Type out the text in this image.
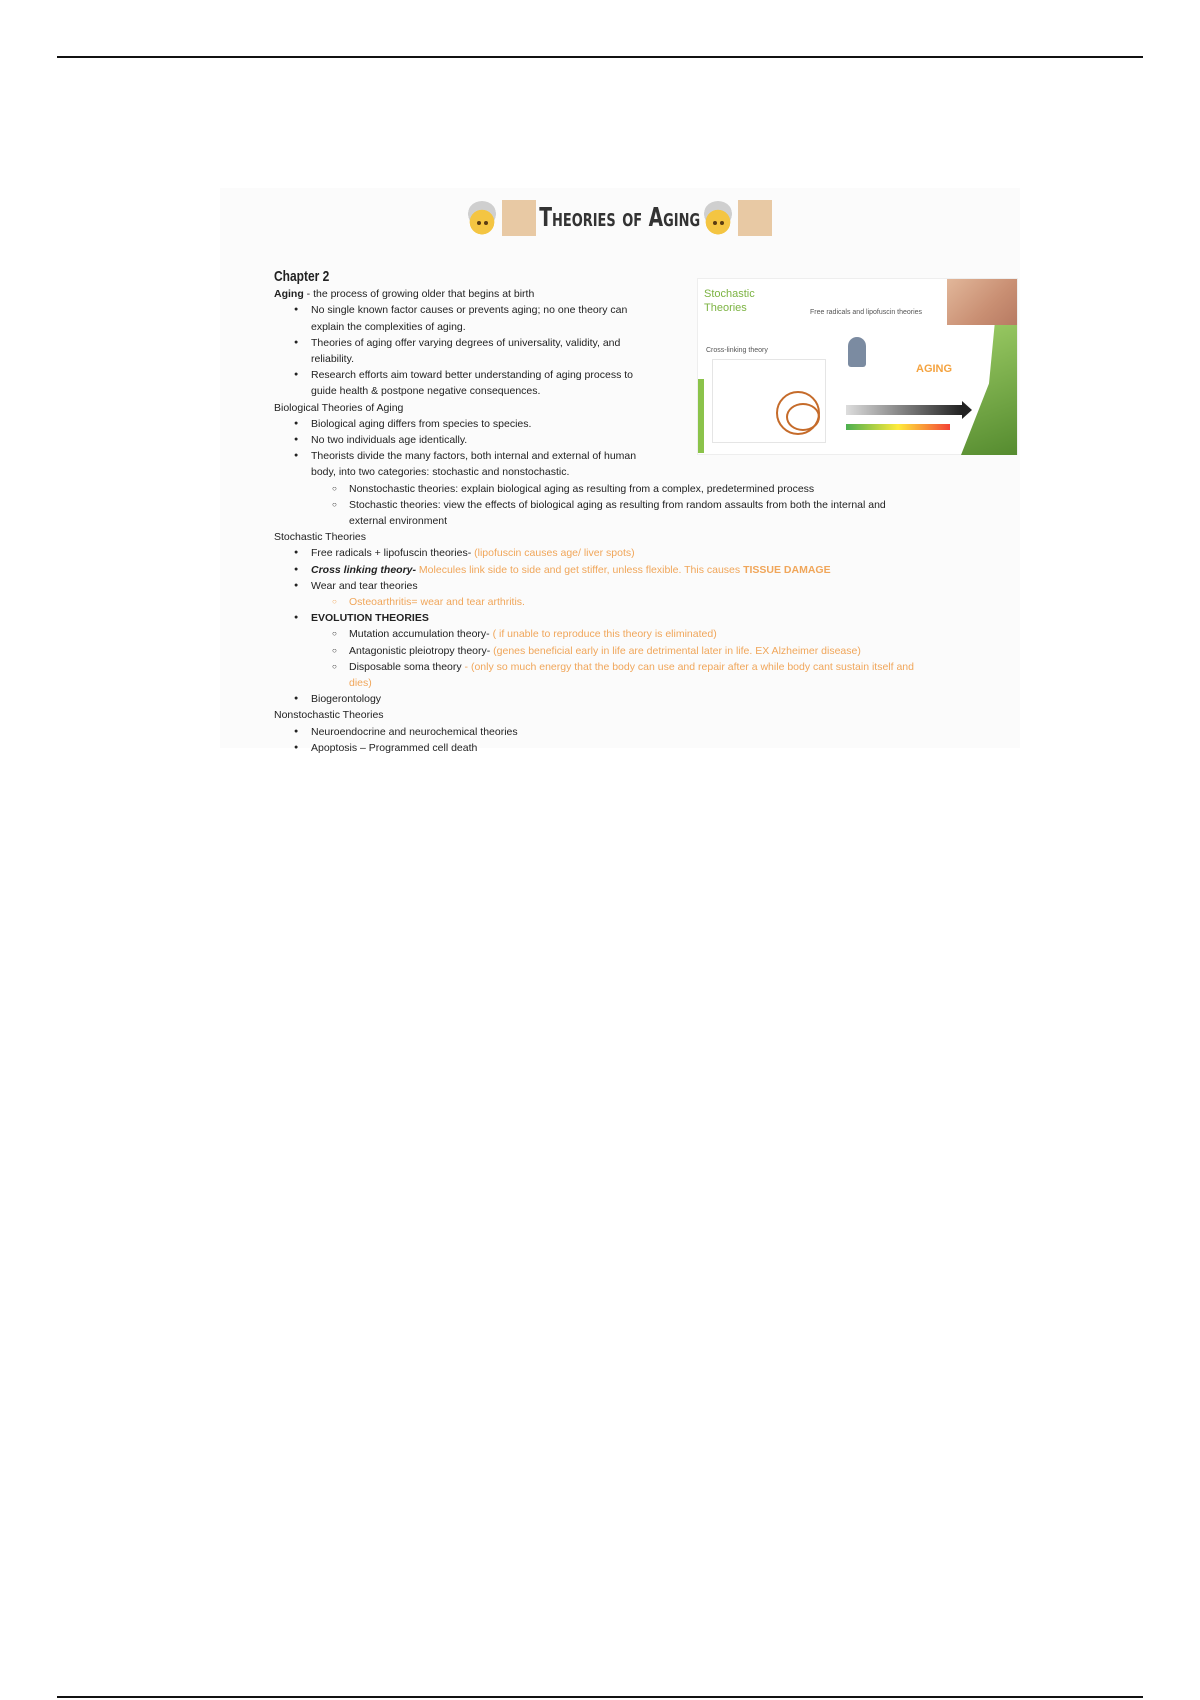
Theories of Aging
Stochastic
Theories	Free radicals and lipofuscin theories
Cross-linking theory
AGING
Chapter 2
Aging - the process of growing older that begins at birth
● No single known factor causes or prevents aging; no one theory can explain the complexities of aging.
● Theories of aging offer varying degrees of universality, validity, and reliability.
● Research efforts aim toward better understanding of aging process to guide health & postpone negative consequences.
Biological Theories of Aging
● Biological aging differs from species to species.
● No two individuals age identically.
● Theorists divide the many factors, both internal and external of human body, into two categories: stochastic and nonstochastic.
○ Nonstochastic theories: explain biological aging as resulting from a complex, predetermined process
○ Stochastic theories: view the effects of biological aging as resulting from random assaults from both the internal and external environment
Stochastic Theories
● Free radicals + lipofuscin theories- (lipofuscin causes age/ liver spots)
● Cross linking theory- Molecules link side to side and get stiffer, unless flexible. This causes TISSUE DAMAGE
● Wear and tear theories
○ Osteoarthritis= wear and tear arthritis.
● EVOLUTION THEORIES
○ Mutation accumulation theory- ( if unable to reproduce this theory is eliminated)
○ Antagonistic pleiotropy theory- (genes beneficial early in life are detrimental later in life. EX Alzheimer disease)
○ Disposable soma theory - (only so much energy that the body can use and repair after a while body cant sustain itself and dies)
● Biogerontology
Nonstochastic Theories
● Neuroendocrine and neurochemical theories
● Apoptosis – Programmed cell death
